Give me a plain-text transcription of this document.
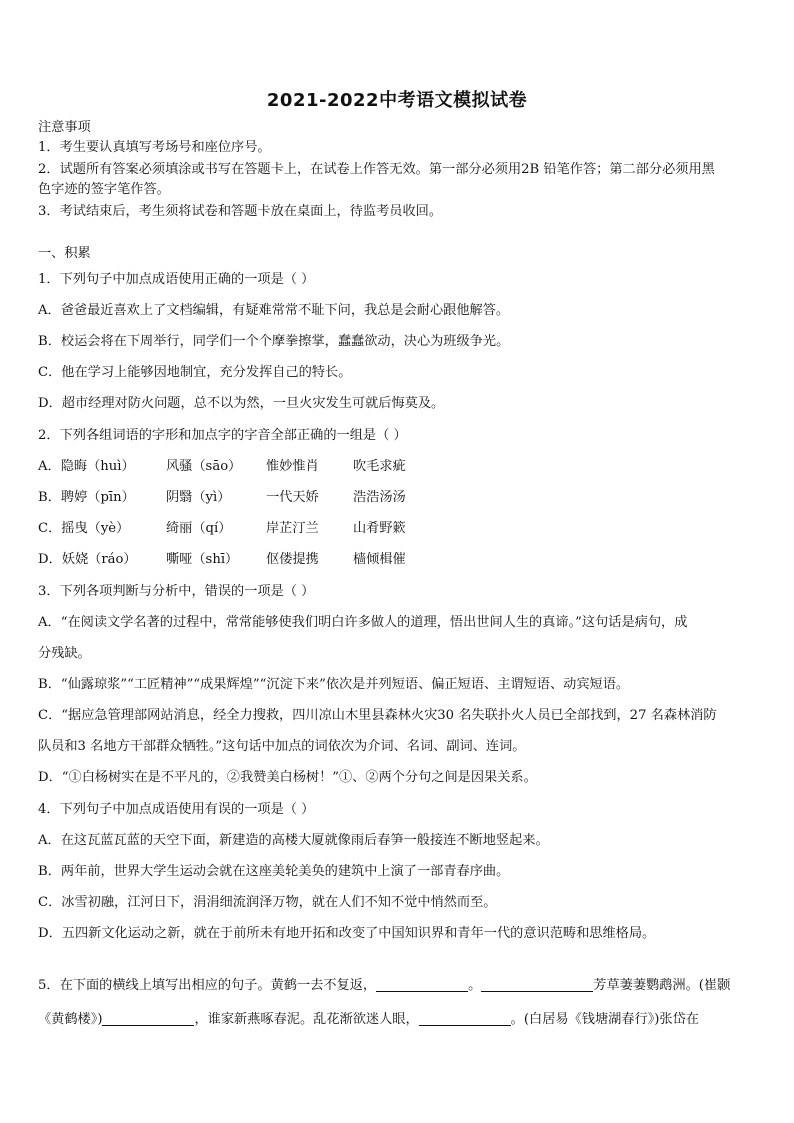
2021-2022中考语文模拟试卷
注意事项
1．考生要认真填写考场号和座位序号。
2．试题所有答案必须填涂或书写在答题卡上，在试卷上作答无效。第一部分必须用2B 铅笔作答；第二部分必须用黑
色字迹的签字笔作答。
3．考试结束后，考生须将试卷和答题卡放在桌面上，待监考员收回。
一、积累
1．下列句子中加点成语使用正确的一项是（ ）
A．爸爸最近喜欢上了文档编辑，有疑难常常不耻下问，我总是会耐心跟他解答。
B．校运会将在下周举行，同学们一个个摩拳擦掌，蠢蠢欲动，决心为班级争光。
C．他在学习上能够因地制宜，充分发挥自己的特长。
D．超市经理对防火问题，总不以为然，一旦火灾发生可就后悔莫及。
2．下列各组词语的字形和加点字的字音全部正确的一组是（ ）
A．隐晦（huì） 风骚（sāo） 惟妙惟肖	吹毛求疵
B．聘婷（pīn） 阴翳（yì）	一代天娇	浩浩汤汤
C．摇曳（yè）	绮丽（qí）	岸芷汀兰	山肴野簌
D．妖娆（ráo） 嘶哑（shī） 伛偻提携	樯倾楫催
3．下列各项判断与分析中，错误的一项是（ ）
A．“在阅读文学名著的过程中，常常能够使我们明白许多做人的道理，悟出世间人生的真谛。”这句话是病句，成
分残缺。
B．“仙露琼浆”“工匠精神”“成果辉煌”“沉淀下来”依次是并列短语、偏正短语、主谓短语、动宾短语。
C．“据应急管理部网站消息，经全力搜救，四川凉山木里县森林火灾30 名失联扑火人员已全部找到，27 名森林消防
队员和3 名地方干部群众牺牲。”这句话中加点的词依次为介词、名词、副词、连词。
D．“①白杨树实在是不平凡的，②我赞美白杨树！”①、②两个分句之间是因果关系。
4．下列句子中加点成语使用有误的一项是（ ）
A．在这瓦蓝瓦蓝的天空下面，新建造的高楼大厦就像雨后春笋一般接连不断地竖起来。
B．两年前，世界大学生运动会就在这座美轮美奂的建筑中上演了一部青春序曲。
C．冰雪初融，江河日下，涓涓细流润泽万物，就在人们不知不觉中悄然而至。
D．五四新文化运动之新，就在于前所未有地开拓和改变了中国知识界和青年一代的意识范畴和思维格局。
5．在下面的横线上填写出相应的句子。黄鹤一去不复返，	。	芳草萋萋鹦鹉洲。(崔颢
《黄鹤楼》)	，谁家新燕啄春泥。乱花渐欲迷人眼，	。(白居易《钱塘湖春行》)张岱在
